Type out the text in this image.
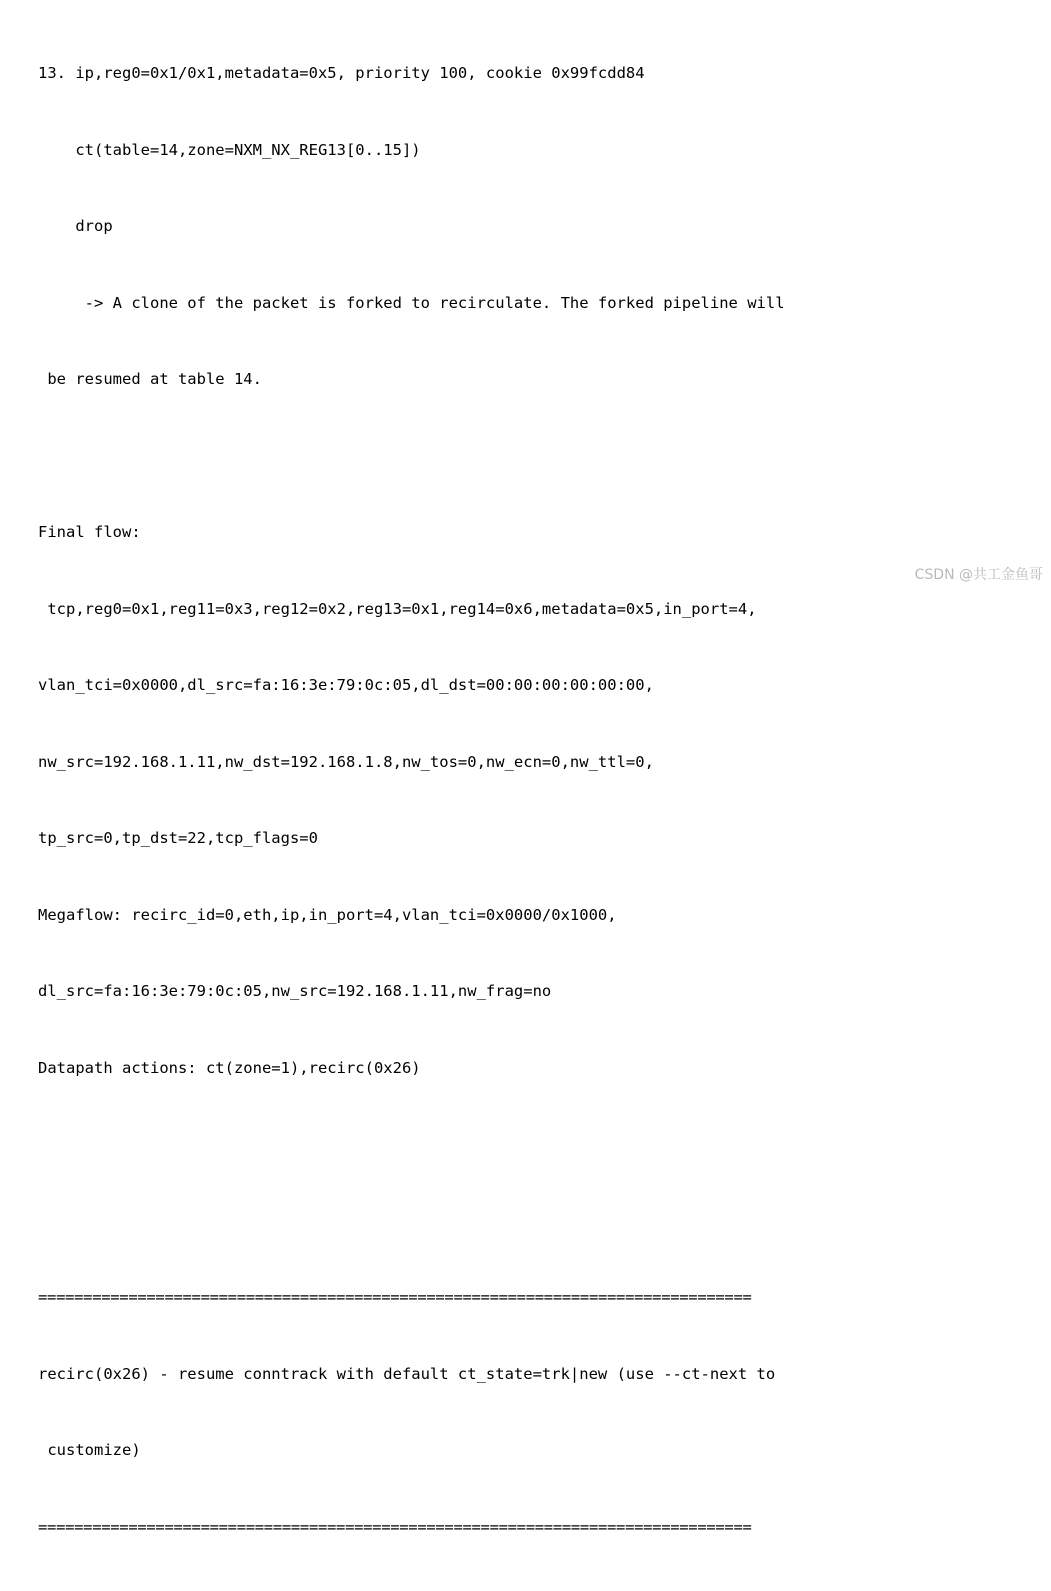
13. ip,reg0=0x1/0x1,metadata=0x5, priority 100, cookie 0x99fcdd84

ct(table=14,zone=NXM_NX_REG13[0..15])

drop

-> A clone of the packet is forked to recirculate. The forked pipeline will

be resumed at table 14.

Final flow:

tcp,reg0=0x1,reg11=0x3,reg12=0x2,reg13=0x1,reg14=0x6,metadata=0x5,in_port=4,

vlan_tci=0x0000,dl_src=fa:16:3e:79:0c:05,dl_dst=00:00:00:00:00:00,

nw_src=192.168.1.11,nw_dst=192.168.1.8,nw_tos=0,nw_ecn=0,nw_ttl=0,

tp_src=0,tp_dst=22,tcp_flags=0

Megaflow: recirc_id=0,eth,ip,in_port=4,vlan_tci=0x0000/0x1000,

dl_src=fa:16:3e:79:0c:05,nw_src=192.168.1.11,nw_frag=no

Datapath actions: ct(zone=1),recirc(0x26)

===============================================================================

recirc(0x26) - resume conntrack with default ct_state=trk|new (use --ct-next to

customize)

===============================================================================

CSDN @共工金鱼哥
